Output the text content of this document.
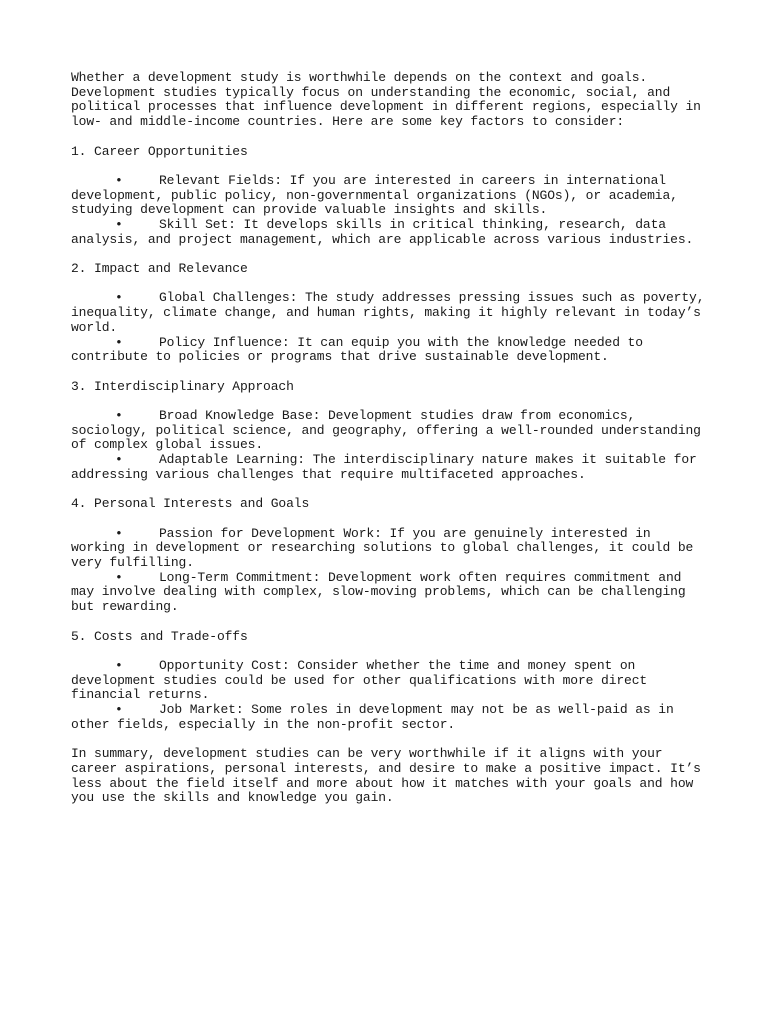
Whether a development study is worthwhile depends on the context and goals.
Development studies typically focus on understanding the economic, social, and
political processes that influence development in different regions, especially in
low- and middle-income countries. Here are some key factors to consider:

1. Career Opportunities

•	Relevant Fields: If you are interested in careers in international

development, public policy, non-governmental organizations (NGOs), or academia,
studying development can provide valuable insights and skills.

•	Skill Set: It develops skills in critical thinking, research, data

analysis, and project management, which are applicable across various industries.

2. Impact and Relevance

•	Global Challenges: The study addresses pressing issues such as poverty,

inequality, climate change, and human rights, making it highly relevant in today’s
world.

•	Policy Influence: It can equip you with the knowledge needed to

contribute to policies or programs that drive sustainable development.

3. Interdisciplinary Approach

•	Broad Knowledge Base: Development studies draw from economics,

sociology, political science, and geography, offering a well-rounded understanding
of complex global issues.

•	Adaptable Learning: The interdisciplinary nature makes it suitable for

addressing various challenges that require multifaceted approaches.

4. Personal Interests and Goals

•	Passion for Development Work: If you are genuinely interested in

working in development or researching solutions to global challenges, it could be
very fulfilling.

•	Long-Term Commitment: Development work often requires commitment and

may involve dealing with complex, slow-moving problems, which can be challenging
but rewarding.

5. Costs and Trade-offs

•	Opportunity Cost: Consider whether the time and money spent on

development studies could be used for other qualifications with more direct
financial returns.

•	Job Market: Some roles in development may not be as well-paid as in

other fields, especially in the non-profit sector.

In summary, development studies can be very worthwhile if it aligns with your
career aspirations, personal interests, and desire to make a positive impact. It’s
less about the field itself and more about how it matches with your goals and how
you use the skills and knowledge you gain.
